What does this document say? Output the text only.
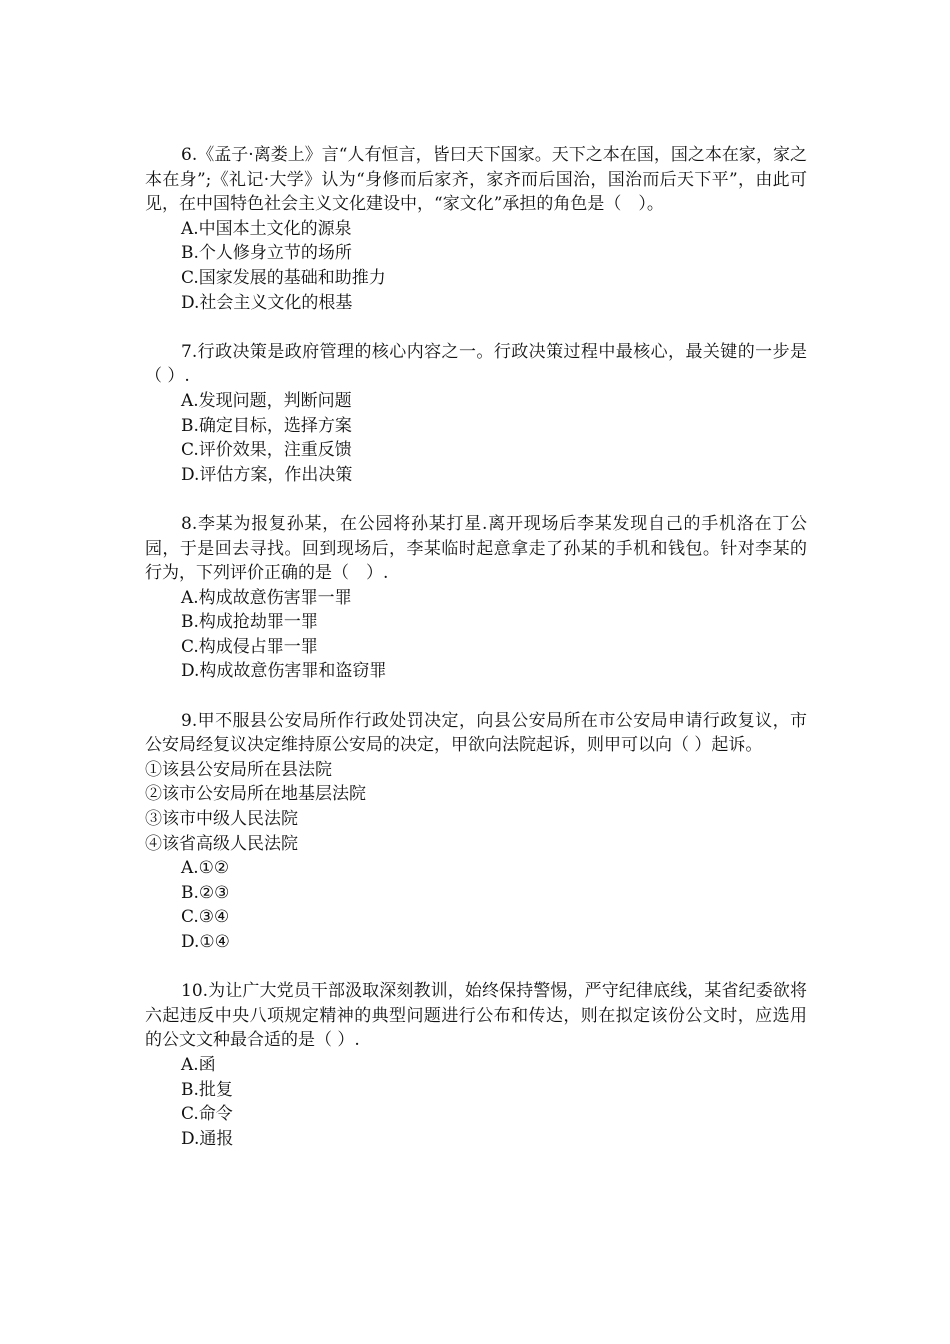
6.《孟子·离娄上》言“人有恒言，皆曰天下国家。天下之本在国，国之本在家，家之本在身”;《礼记·大学》认为“身修而后家齐，家齐而后国治，国治而后天下平”，由此可见，在中国特色社会主义文化建设中，“家文化”承担的角色是（　）。

A.中国本土文化的源泉

B.个人修身立节的场所

C.国家发展的基础和助推力

D.社会主义文化的根基

7.行政决策是政府管理的核心内容之一。行政决策过程中最核心，最关键的一步是（ ）.

A.发现问题，判断问题

B.确定目标，选择方案

C.评价效果，注重反馈

D.评估方案，作出决策

8.李某为报复孙某，在公园将孙某打星.离开现场后李某发现自己的手机洛在丁公园，于是回去寻找。回到现场后，李某临时起意拿走了孙某的手机和钱包。针对李某的行为，下列评价正确的是（　）.

A.构成故意伤害罪一罪

B.构成抢劫罪一罪

C.构成侵占罪一罪

D.构成故意伤害罪和盗窃罪

9.甲不服县公安局所作行政处罚决定，向县公安局所在市公安局申请行政复议，市公安局经复议决定维持原公安局的决定，甲欲向法院起诉，则甲可以向（ ）起诉。

①该县公安局所在县法院

②该市公安局所在地基层法院

③该市中级人民法院

④该省高级人民法院

A.①②

B.②③

C.③④

D.①④

10.为让广大党员干部汲取深刻教训，始终保持警惕，严守纪律底线，某省纪委欲将六起违反中央八项规定精神的典型问题进行公布和传达，则在拟定该份公文时，应选用的公文文种最合适的是（ ）.

A.函

B.批复

C.命令

D.通报
